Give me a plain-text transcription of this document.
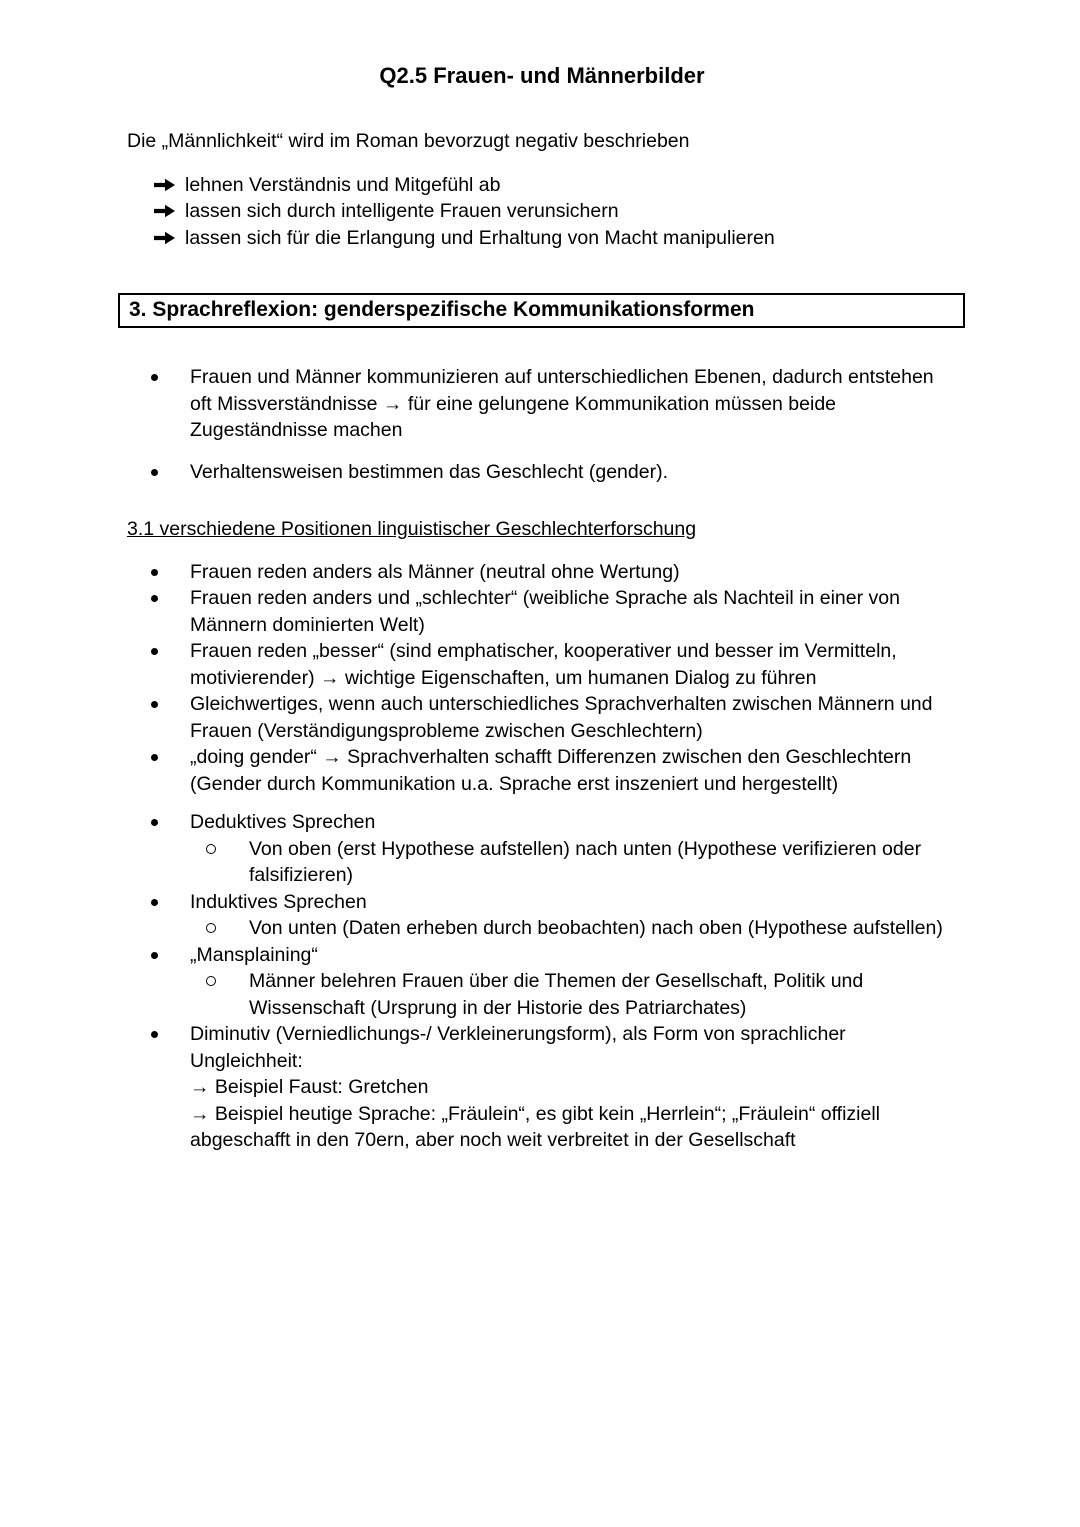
Q2.5 Frauen- und Männerbilder

Die „Männlichkeit“ wird im Roman bevorzugt negativ beschrieben

lehnen Verständnis und Mitgefühl ab
lassen sich durch intelligente Frauen verunsichern
lassen sich für die Erlangung und Erhaltung von Macht manipulieren
3. Sprachreflexion: genderspezifische Kommunikationsformen
Frauen und Männer kommunizieren auf unterschiedlichen Ebenen, dadurch entstehen oft Missverständnisse → für eine gelungene Kommunikation müssen beide Zugeständnisse machen
Verhaltensweisen bestimmen das Geschlecht (gender).
3.1 verschiedene Positionen linguistischer Geschlechterforschung
Frauen reden anders als Männer (neutral ohne Wertung)
Frauen reden anders und „schlechter“ (weibliche Sprache als Nachteil in einer von Männern dominierten Welt)
Frauen reden „besser“ (sind emphatischer, kooperativer und besser im Vermitteln, motivierender) → wichtige Eigenschaften, um humanen Dialog zu führen
Gleichwertiges, wenn auch unterschiedliches Sprachverhalten zwischen Männern und Frauen (Verständigungsprobleme zwischen Geschlechtern)
„doing gender“ → Sprachverhalten schafft Differenzen zwischen den Geschlechtern (Gender durch Kommunikation u.a. Sprache erst inszeniert und hergestellt)
Deduktives Sprechen
Von oben (erst Hypothese aufstellen) nach unten (Hypothese verifizieren oder falsifizieren)
Induktives Sprechen
Von unten (Daten erheben durch beobachten) nach oben (Hypothese aufstellen)
„Mansplaining“
Männer belehren Frauen über die Themen der Gesellschaft, Politik und Wissenschaft (Ursprung in der Historie des Patriarchates)
Diminutiv (Verniedlichungs-/ Verkleinerungsform), als Form von sprachlicher Ungleichheit:
→ Beispiel Faust: Gretchen
→ Beispiel heutige Sprache: „Fräulein“, es gibt kein „Herrlein“; „Fräulein“ offiziell abgeschafft in den 70ern, aber noch weit verbreitet in der Gesellschaft
